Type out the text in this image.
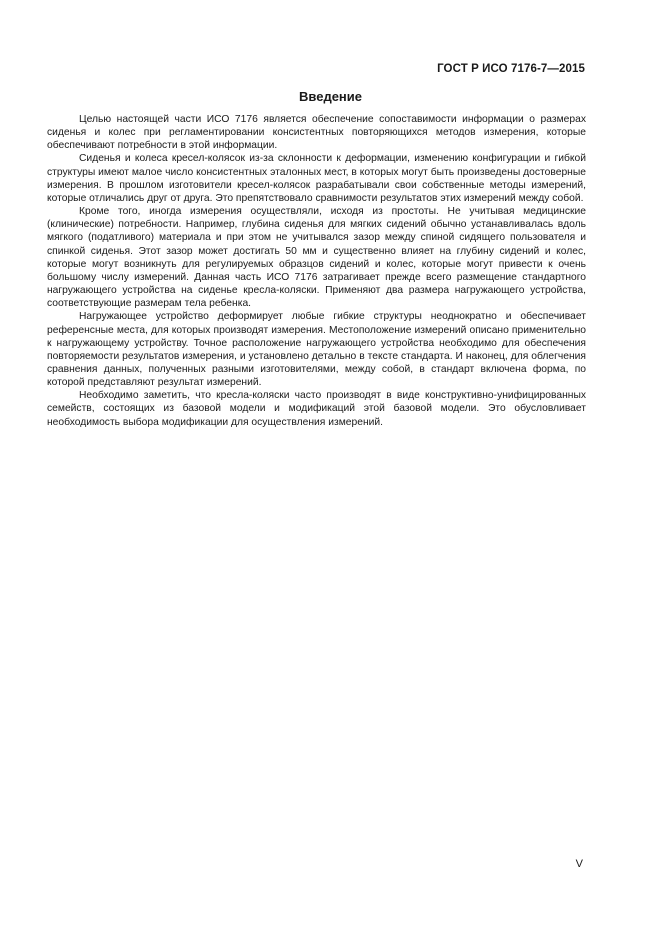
ГОСТ Р ИСО 7176-7—2015
Введение

Целью настоящей части ИСО 7176 является обеспечение сопоставимости информации о размерах сиденья и колес при регламентировании консистентных повторяющихся методов измерения, которые обеспечивают потребности в этой информации.

Сиденья и колеса кресел-колясок из-за склонности к деформации, изменению конфигурации и гибкой структуры имеют малое число консистентных эталонных мест, в которых могут быть произведены достоверные измерения. В прошлом изготовители кресел-колясок разрабатывали свои собственные методы измерений, которые отличались друг от друга. Это препятствовало сравнимости результатов этих измерений между собой.

Кроме того, иногда измерения осуществляли, исходя из простоты. Не учитывая медицинские (клинические) потребности. Например, глубина сиденья для мягких сидений обычно устанавливалась вдоль мягкого (податливого) материала и при этом не учитывался зазор между спиной сидящего пользователя и спинкой сиденья. Этот зазор может достигать 50 мм и существенно влияет на глубину сидений и колес, которые могут возникнуть для регулируемых образцов сидений и колес, которые могут привести к очень большому числу измерений. Данная часть ИСО 7176 затрагивает прежде всего размещение стандартного нагружающего устройства на сиденье кресла-коляски. Применяют два размера нагружающего устройства, соответствующие размерам тела ребенка.

Нагружающее устройство деформирует любые гибкие структуры неоднократно и обеспечивает референсные места, для которых производят измерения. Местоположение измерений описано применительно к нагружающему устройству. Точное расположение нагружающего устройства необходимо для обеспечения повторяемости результатов измерения, и установлено детально в тексте стандарта. И наконец, для облегчения сравнения данных, полученных разными изготовителями, между собой, в стандарт включена форма, по которой представляют результат измерений.

Необходимо заметить, что кресла-коляски часто производят в виде конструктивно-унифицированных семейств, состоящих из базовой модели и модификаций этой базовой модели. Это обусловливает необходимость выбора модификации для осуществления измерений.

V
